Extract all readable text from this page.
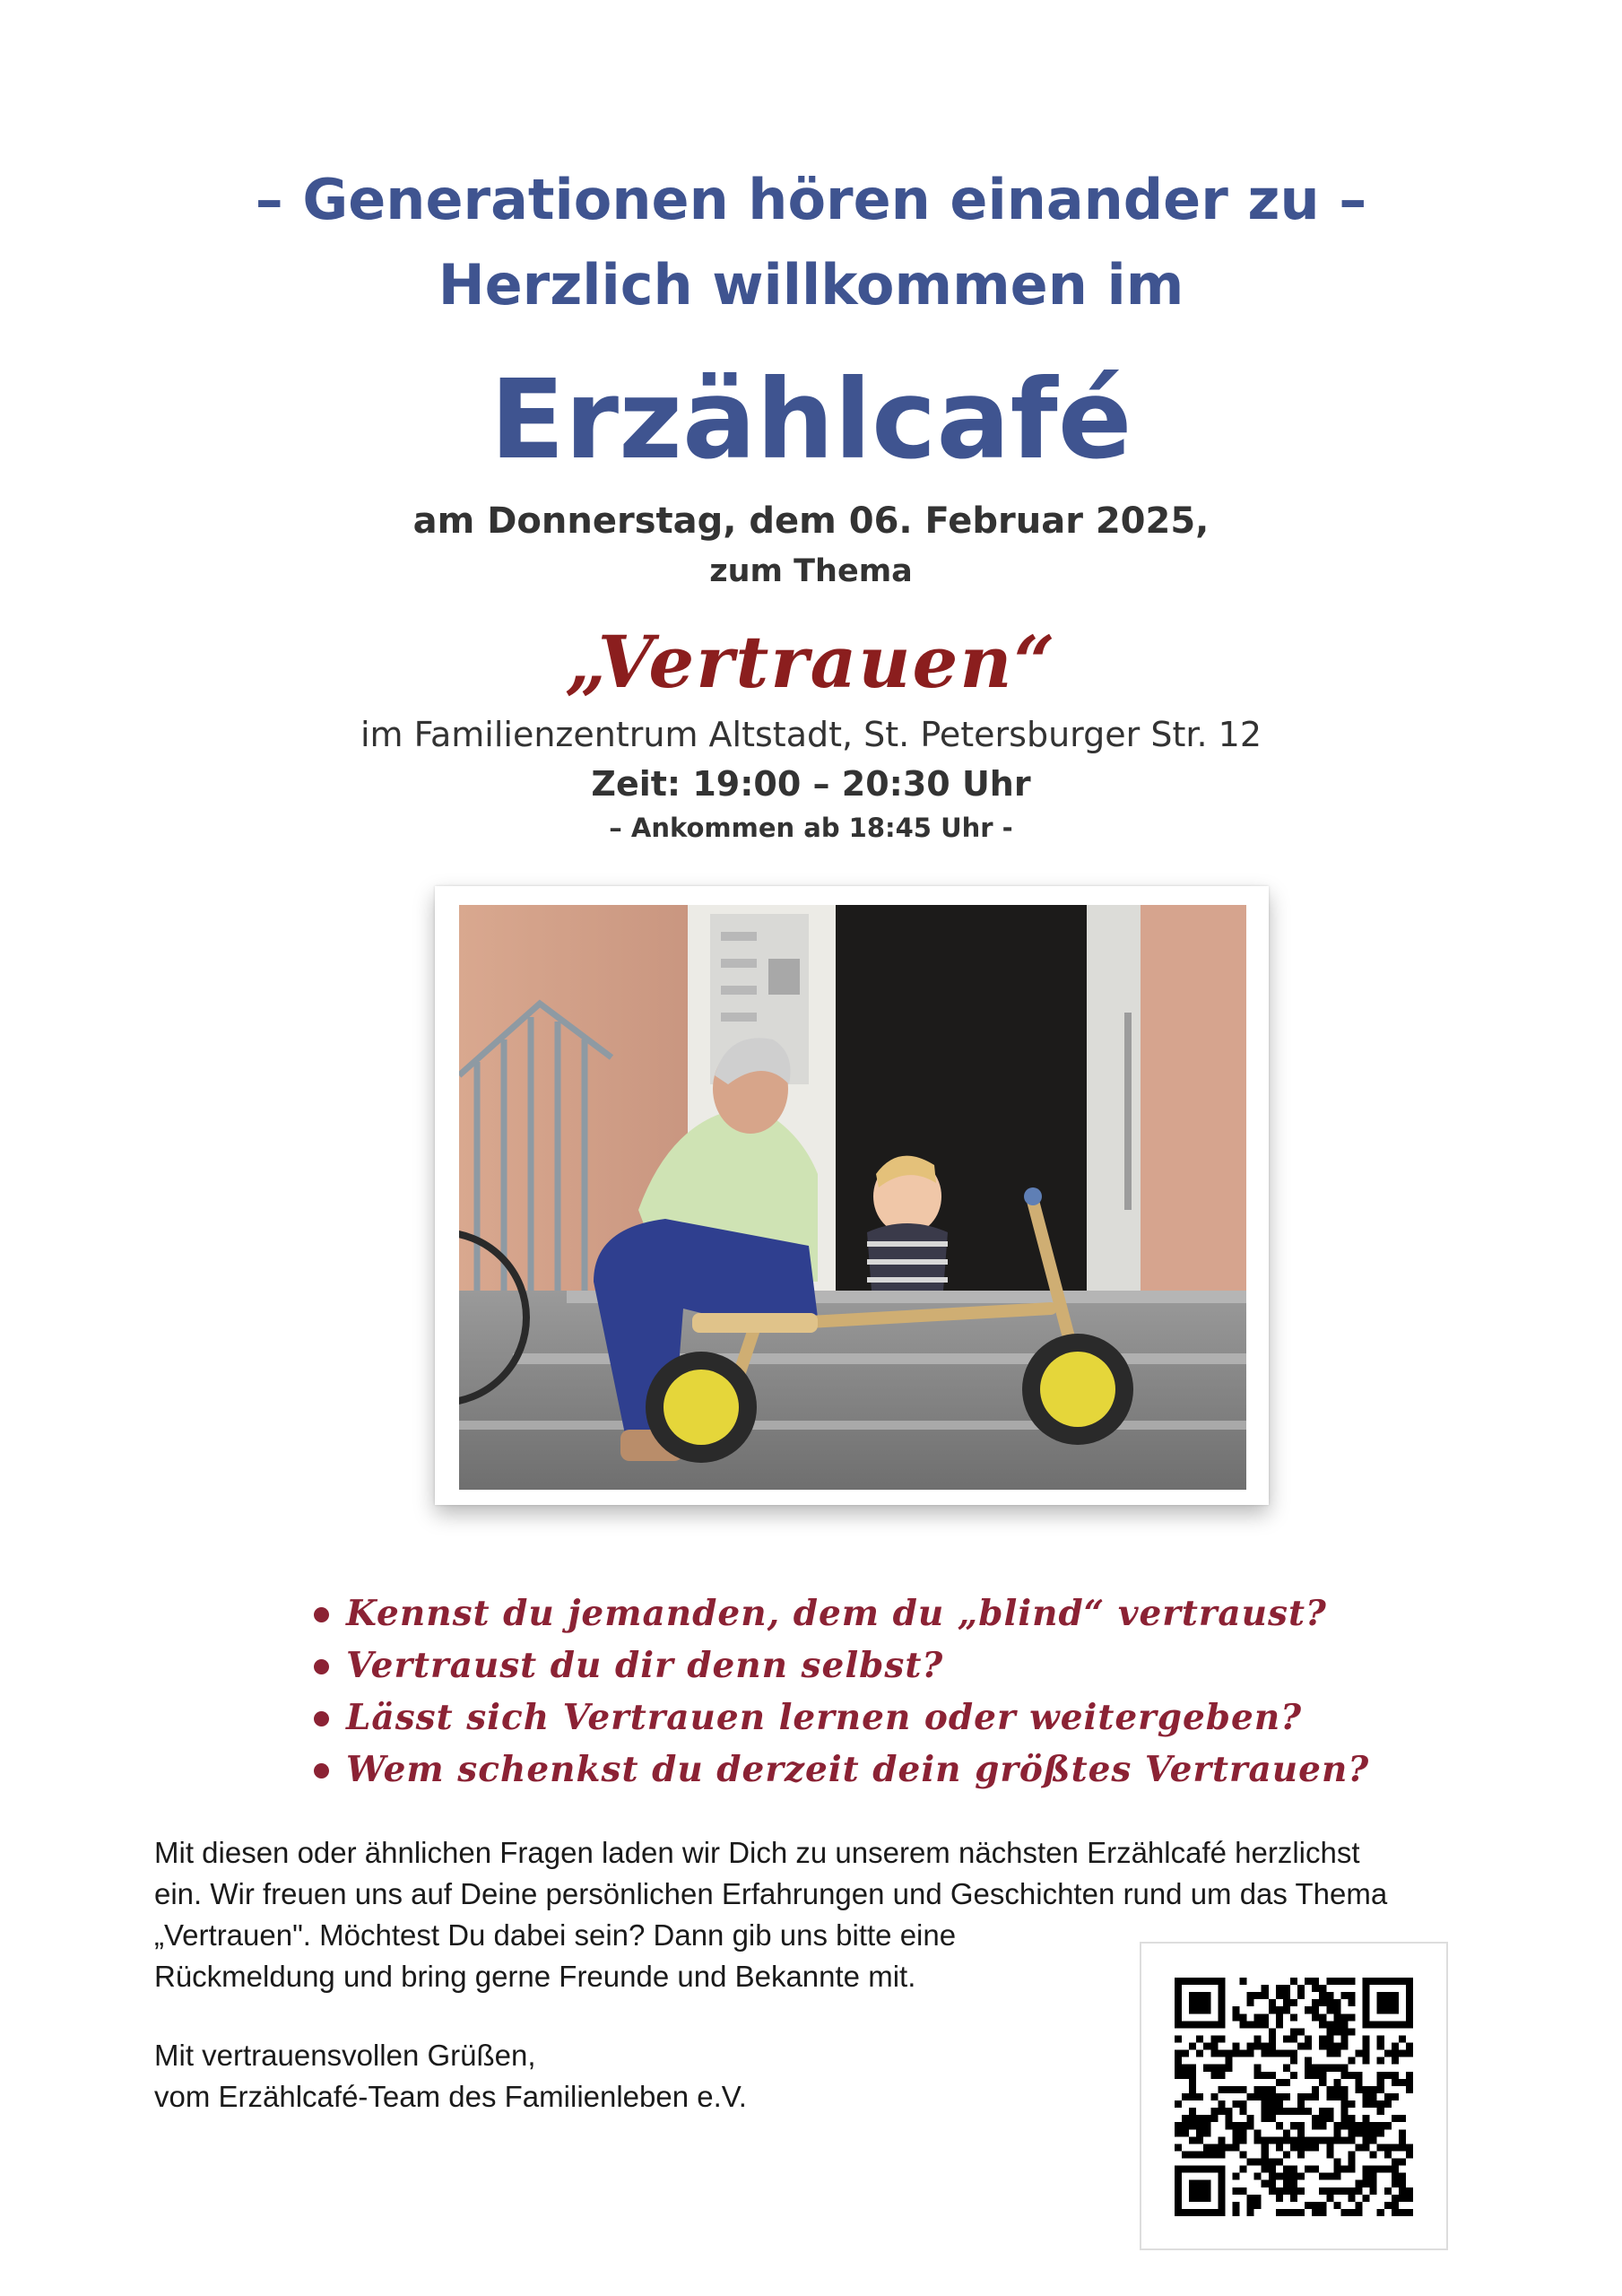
– Generationen hören einander zu –
Herzlich willkommen im
Erzählcafé
am Donnerstag, dem 06. Februar 2025,
zum Thema
„Vertrauen“
im Familienzentrum Altstadt, St. Petersburger Str. 12
Zeit: 19:00 – 20:30 Uhr
– Ankommen ab 18:45 Uhr -
Kennst du jemanden, dem du „blind“ vertraust?
Vertraust du dir denn selbst?
Lässt sich Vertrauen lernen oder weitergeben?
Wem schenkst du derzeit dein größtes Vertrauen?

Mit diesen oder ähnlichen Fragen laden wir Dich zu unserem nächsten Erzählcafé herzlichst

ein. Wir freuen uns auf Deine persönlichen Erfahrungen und Geschichten rund um das Thema

„Vertrauen". Möchtest Du dabei sein? Dann gib uns bitte eine

Rückmeldung und bring gerne Freunde und Bekannte mit.

Mit vertrauensvollen Grüßen,

vom Erzählcafé-Team des Familienleben e.V.
